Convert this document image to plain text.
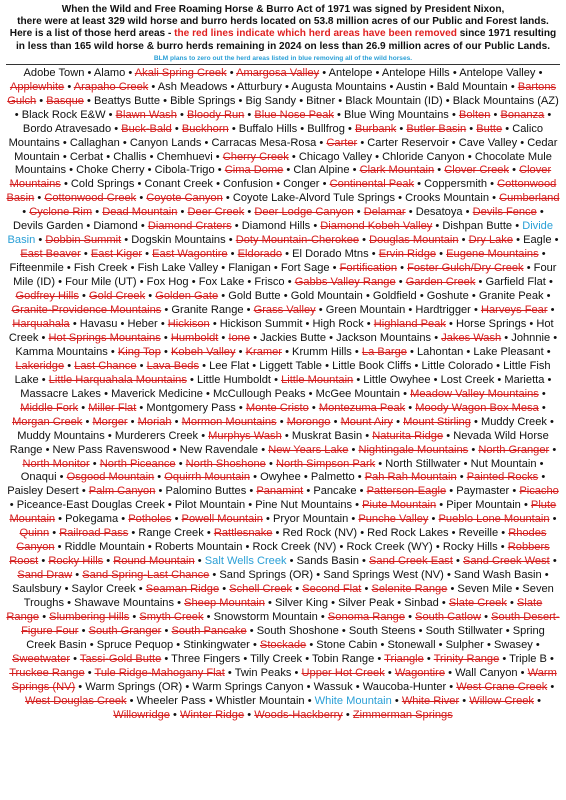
When the Wild and Free Roaming Horse & Burro Act of 1971 was signed by President Nixon,
there were at least 329 wild horse and burro herds located on 53.8 million acres of our Public and Forest lands.
Here is a list of those herd areas - the red lines indicate which herd areas have been removed since 1971 resulting
in less than 165 wild horse & burro herds remaining in 2024 on less than 26.9 million acres of our Public Lands.
BLM plans to zero out the herd areas listed in blue removing all of the wild horses.
Adobe Town • Alamo • Akali Spring Creek • Amargosa Valley • Antelope • Antelope Hills • Antelope Valley • Applewhite • Arapaho Creek • Ash Meadows • Atturbury • Augusta Mountains • Austin • Bald Mountain • Bartons Gulch • Basque • Beattys Butte • Bible Springs • Big Sandy • Bitner • Black Mountain (ID) • Black Mountains (AZ) • Black Rock E&W • Blawn Wash • Bloody Run • Blue Nose Peak • Blue Wing Mountains • Bolten • Bonanza • Bordo Atravesado • Buck-Bald • Buckhorn • Buffalo Hills • Bullfrog • Burbank • Butler Basin • Butte • Calico Mountains • Callaghan • Canyon Lands • Carracas Mesa-Rosa • Carter • Carter Reservoir • Cave Valley • Cedar Mountain • Cerbat • Challis • Chemhuevi • Cherry Creek • Chicago Valley • Chloride Canyon • Chocolate Mule Mountains • Choke Cherry • Cibola-Trigo • Cima Dome • Clan Alpine • Clark Mountain • Clover Creek • Clover Mountains • Cold Springs • Conant Creek • Confusion • Conger • Continental Peak • Coppersmith • Cottonwood Basin • Cottonwood Creek • Coyote Canyon • Coyote Lake-Alvord Tule Springs • Crooks Mountain • Cumberland • Cyclone Rim • Dead Mountain • Deer Creek • Deer Lodge Canyon • Delamar • Desatoya • Devils Fence • Devils Garden • Diamond • Diamond Craters • Diamond Hills • Diamond Kobeh Valley • Dishpan Butte • Divide Basin • Dobbin Summit • Dogskin Mountains • Doty Mountain-Cherokee • Douglas Mountain • Dry Lake • Eagle • East Beaver • East Kiger • East Wagontire • Eldorado • El Dorado Mtns • Ervin Ridge • Eugene Mountains • Fifteenmile • Fish Creek • Fish Lake Valley • Flanigan • Fort Sage • Fortification • Foster Gulch/Dry Creek • Four Mile (ID) • Four Mile (UT) • Fox Hog • Fox Lake • Frisco • Gabbs Valley Range • Garden Creek • Garfield Flat • Godfrey Hills • Gold Creek • Golden Gate • Gold Butte • Gold Mountain • Goldfield • Goshute • Granite Peak • Granite-Providence Mountains • Granite Range • Grass Valley • Green Mountain • Hardtrigger • Harveys Fear • Harquahala • Havasu • Heber • Hickison • Hickison Summit • High Rock • Highland Peak • Horse Springs • Hot Creek • Hot Springs Mountains • Humboldt • Ione • Jackies Butte • Jackson Mountains • Jakes Wash • Johnnie • Kamma Mountains • King Top • Kobeh Valley • Kramer • Krumm Hills • La Barge • Lahontan • Lake Pleasant • Lakeridge • Last Chance • Lava Beds • Lee Flat • Liggett Table • Little Book Cliffs • Little Colorado • Little Fish Lake • Little Harquahala Mountains • Little Humboldt • Little Mountain • Little Owyhee • Lost Creek • Marietta • Massacre Lakes • Maverick Medicine • McCullough Peaks • McGee Mountain • Meadow Valley Mountains • Middle Fork • Miller Flat • Montgomery Pass • Monte Cristo • Montezuma Peak • Moody Wagon Box Mesa • Morgan Creek • Morger • Moriah • Mormon Mountains • Morongo • Mount Airy • Mount Stirling • Muddy Creek • Muddy Mountains • Murderers Creek • Murphys Wash • Muskrat Basin • Naturita Ridge • Nevada Wild Horse Range • New Pass Ravenswood • New Ravendale • New Years Lake • Nightingale Mountains • North Granger • North Monitor • North Piceance • North Shoshone • North Simpson Park • North Stillwater • Nut Mountain • Onaqui • Osgood Mountain • Oquirrh Mountain • Owyhee • Palmetto • Pah Rah Mountain • Painted Rocks • Paisley Desert • Palm Canyon • Palomino Buttes • Panamint • Pancake • Patterson-Eagle • Paymaster • Picacho • Piceance-East Douglas Creek • Pilot Mountain • Pine Nut Mountains • Piute Mountain • Piper Mountain • Plute Mountain • Pokegama • Potholes • Powell Mountain • Pryor Mountain • Punche Valley • Pueblo Lone Mountain • Quinn • Railroad Pass • Range Creek • Rattlesnake • Red Rock (NV) • Red Rock Lakes • Reveille • Rhodes Canyon • Riddle Mountain • Roberts Mountain • Rock Creek (NV) • Rock Creek (WY) • Rocky Hills • Robbers Roost • Rocky Hills • Round Mountain • Salt Wells Creek • Sands Basin • Sand Creek East • Sand Creek West • Sand Draw • Sand Spring-Last Chance • Sand Springs (OR) • Sand Springs West (NV) • Sand Wash Basin • Saulsbury • Saylor Creek • Seaman Ridge • Schell Creek • Second Flat • Selenite Range • Seven Mile • Seven Troughs • Shawave Mountains • Sheep Mountain • Silver King • Silver Peak • Sinbad • Slate Creek • Slate Range • Slumbering Hills • Smyth Creek • Snowstorm Mountain • Sonoma Range • South Catlow • South Desert-Figure Four • South Granger • South Pancake • South Shoshone • South Steens • South Stillwater • Spring Creek Basin • Spruce Pequop • Stinkingwater • Stockade • Stone Cabin • Stonewall • Sulpher • Swasey • Sweetwater • Tassi-Gold Butte • Three Fingers • Tilly Creek • Tobin Range • Triangle • Trinity Range • Triple B • Truckee Range • Tule Ridge-Mahogany Flat • Twin Peaks • Upper Hot Creek • Wagontire • Wall Canyon • Warm Springs (NV) • Warm Springs (OR) • Warm Springs Canyon • Wassuk • Waucoba-Hunter • West Crane Creek • West Douglas Creek • Wheeler Pass • Whistler Mountain • White Mountain • White River • Willow Creek • Willowridge • Winter Ridge • Woods-Hackberry • Zimmerman Springs
